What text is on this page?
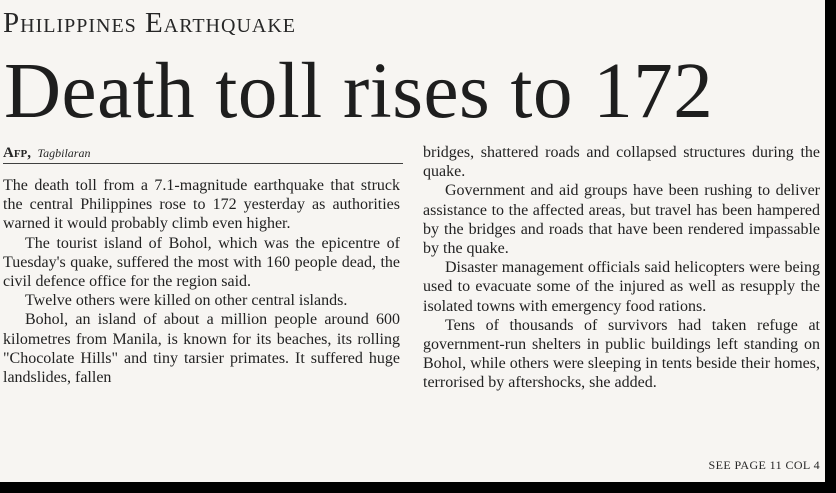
Philippines Earthquake
Death toll rises to 172
Afp, Tagbilaran

The death toll from a 7.1-magnitude earthquake that struck the central Philippines rose to 172 yesterday as authorities warned it would probably climb even higher.

The tourist island of Bohol, which was the epicentre of Tuesday's quake, suffered the most with 160 people dead, the civil defence office for the region said.

Twelve others were killed on other central islands.

Bohol, an island of about a million people around 600 kilometres from Manila, is known for its beaches, its rolling "Chocolate Hills" and tiny tarsier primates. It suffered huge landslides, fallen

bridges, shattered roads and collapsed structures during the quake.

Government and aid groups have been rushing to deliver assistance to the affected areas, but travel has been hampered by the bridges and roads that have been rendered impassable by the quake.

Disaster management officials said helicopters were being used to evacuate some of the injured as well as resupply the isolated towns with emergency food rations.

Tens of thousands of survivors had taken refuge at government-run shelters in public buildings left standing on Bohol, while others were sleeping in tents beside their homes, terrorised by aftershocks, she added.

SEE PAGE 11 COL 4
